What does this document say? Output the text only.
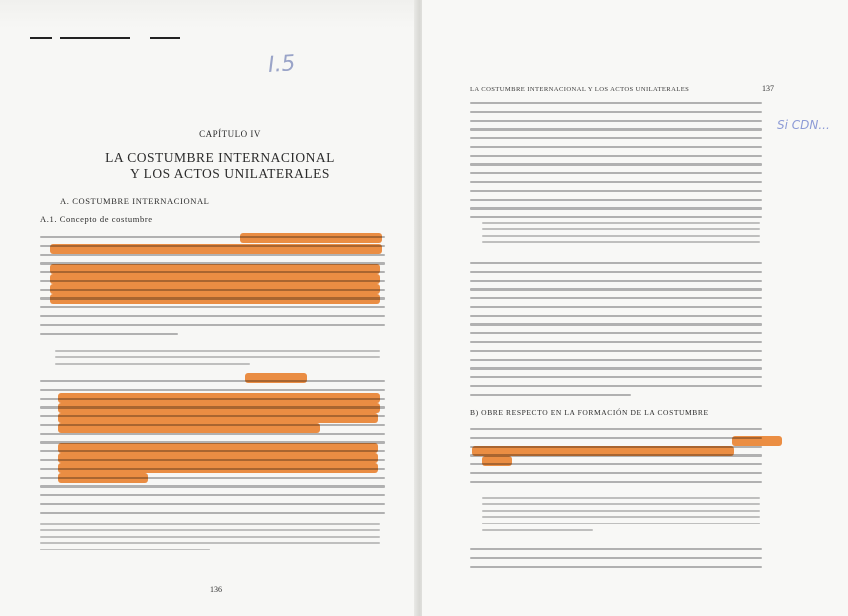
I.5
CAPÍTULO IV
LA COSTUMBRE INTERNACIONAL
Y LOS ACTOS UNILATERALES
A. COSTUMBRE INTERNACIONAL
A.1. Concepto de costumbre
136
LA COSTUMBRE INTERNACIONAL Y LOS ACTOS UNILATERALES	137
Si CDN...
B) OBRE RESPECTO EN LA FORMACIÓN DE LA COSTUMBRE
